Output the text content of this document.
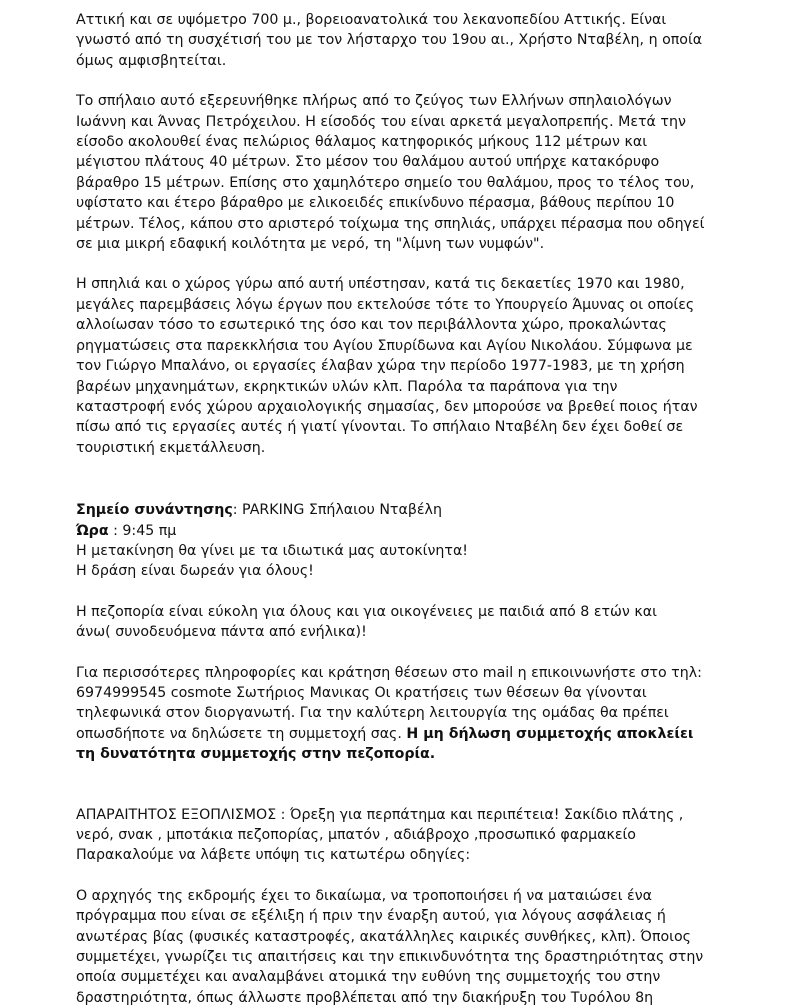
Αττική και σε υψόμετρο 700 μ., βορειοανατολικά του λεκανοπεδίου Αττικής. Είναι
γνωστό από τη συσχέτισή του με τον λήσταρχο του 19ου αι., Χρήστο Νταβέλη, η οποία
όμως αμφισβητείται.

Το σπήλαιο αυτό εξερευνήθηκε πλήρως από το ζεύγος των Ελλήνων σπηλαιολόγων
Ιωάννη και Άννας Πετρόχειλου. Η είσοδός του είναι αρκετά μεγαλοπρεπής. Μετά την
είσοδο ακολουθεί ένας πελώριος θάλαμος κατηφορικός μήκους 112 μέτρων και
μέγιστου πλάτους 40 μέτρων. Στο μέσον του θαλάμου αυτού υπήρχε κατακόρυφο
βάραθρο 15 μέτρων. Επίσης στο χαμηλότερο σημείο του θαλάμου, προς το τέλος του,
υφίστατο και έτερο βάραθρο με ελικοειδές επικίνδυνο πέρασμα, βάθους περίπου 10
μέτρων. Τέλος, κάπου στο αριστερό τοίχωμα της σπηλιάς, υπάρχει πέρασμα που οδηγεί
σε μια μικρή εδαφική κοιλότητα με νερό, τη "λίμνη των νυμφών".

Η σπηλιά και ο χώρος γύρω από αυτή υπέστησαν, κατά τις δεκαετίες 1970 και 1980,
μεγάλες παρεμβάσεις λόγω έργων που εκτελούσε τότε το Υπουργείο Άμυνας οι οποίες
αλλοίωσαν τόσο το εσωτερικό της όσο και τον περιβάλλοντα χώρο, προκαλώντας
ρηγματώσεις στα παρεκκλήσια του Αγίου Σπυρίδωνα και Αγίου Νικολάου. Σύμφωνα με
τον Γιώργο Μπαλάνο, οι εργασίες έλαβαν χώρα την περίοδο 1977-1983, με τη χρήση
βαρέων μηχανημάτων, εκρηκτικών υλών κλπ. Παρόλα τα παράπονα για την
καταστροφή ενός χώρου αρχαιολογικής σημασίας, δεν μπορούσε να βρεθεί ποιος ήταν
πίσω από τις εργασίες αυτές ή γιατί γίνονται. Το σπήλαιο Νταβέλη δεν έχει δοθεί σε
τουριστική εκμετάλλευση.

Σημείο συνάντησης: PARKING Σπήλαιου Νταβέλη

Ώρα : 9:45 πμ

Η μετακίνηση θα γίνει με τα ιδιωτικά μας αυτοκίνητα!

Η δράση είναι δωρεάν για όλους!

Η πεζοπορία είναι εύκολη για όλους και για οικογένειες με παιδιά από 8 ετών και
άνω( συνοδευόμενα πάντα από ενήλικα)!

Για περισσότερες πληροφορίες και κράτηση θέσεων στο mail η επικοινωνήστε στο τηλ:
6974999545 cosmote Σωτήριος Μανικας Οι κρατήσεις των θέσεων θα γίνονται
τηλεφωνικά στον διοργανωτή. Για την καλύτερη λειτουργία της ομάδας θα πρέπει
οπωσδήποτε να δηλώσετε τη συμμετοχή σας. Η μη δήλωση συμμετοχής αποκλείει
τη δυνατότητα συμμετοχής στην πεζοπορία.

ΑΠΑΡΑΙΤΗΤΟΣ ΕΞΟΠΛΙΣΜΟΣ : Όρεξη για περπάτημα και περιπέτεια! Σακίδιο πλάτης ,
νερό, σνακ , μποτάκια πεζοπορίας, μπατόν , αδιάβροχο ,προσωπικό φαρμακείο
Παρακαλούμε να λάβετε υπόψη τις κατωτέρω οδηγίες:

Ο αρχηγός της εκδρομής έχει το δικαίωμα, να τροποποιήσει ή να ματαιώσει ένα
πρόγραμμα που είναι σε εξέλιξη ή πριν την έναρξη αυτού, για λόγους ασφάλειας ή
ανωτέρας βίας (φυσικές καταστροφές, ακατάλληλες καιρικές συνθήκες, κλπ). Όποιος
συμμετέχει, γνωρίζει τις απαιτήσεις και την επικινδυνότητα της δραστηριότητας στην
οποία συμμετέχει και αναλαμβάνει ατομικά την ευθύνη της συμμετοχής του στην
δραστηριότητα, όπως άλλωστε προβλέπεται από την διακήρυξη του Τυρόλου 8η
